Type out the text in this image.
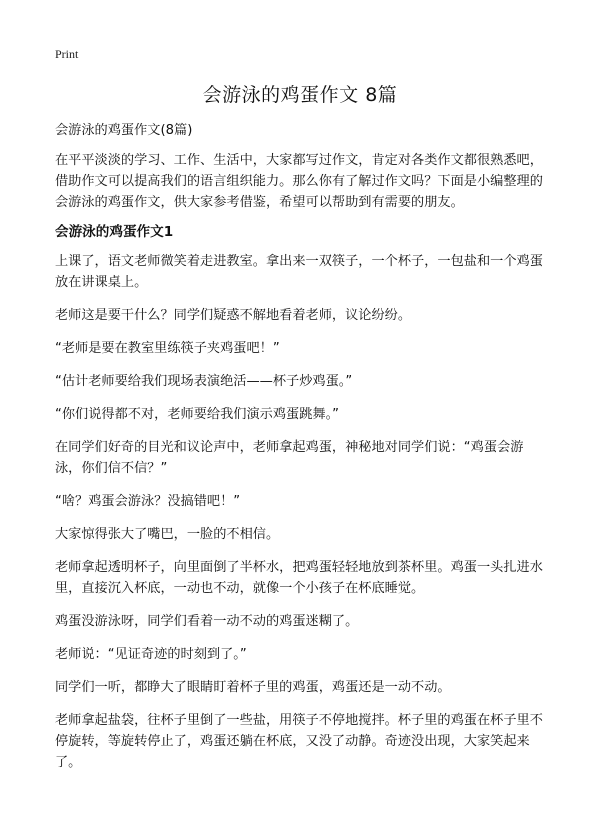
Print
会游泳的鸡蛋作文 8篇

会游泳的鸡蛋作文(8篇)

在平平淡淡的学习、工作、生活中，大家都写过作文，肯定对各类作文都很熟悉吧，借助作文可以提高我们的语言组织能力。那么你有了解过作文吗？下面是小编整理的会游泳的鸡蛋作文，供大家参考借鉴，希望可以帮助到有需要的朋友。

会游泳的鸡蛋作文1

上课了，语文老师微笑着走进教室。拿出来一双筷子，一个杯子，一包盐和一个鸡蛋放在讲课桌上。

老师这是要干什么？同学们疑惑不解地看着老师，议论纷纷。

“老师是要在教室里练筷子夹鸡蛋吧！”

“估计老师要给我们现场表演绝活——杯子炒鸡蛋。”

“你们说得都不对，老师要给我们演示鸡蛋跳舞。”

在同学们好奇的目光和议论声中，老师拿起鸡蛋，神秘地对同学们说：“鸡蛋会游泳，你们信不信？”

“啥？鸡蛋会游泳？没搞错吧！”

大家惊得张大了嘴巴，一脸的不相信。

老师拿起透明杯子，向里面倒了半杯水，把鸡蛋轻轻地放到茶杯里。鸡蛋一头扎进水里，直接沉入杯底，一动也不动，就像一个小孩子在杯底睡觉。

鸡蛋没游泳呀，同学们看着一动不动的鸡蛋迷糊了。

老师说：“见证奇迹的时刻到了。”

同学们一听，都睁大了眼睛盯着杯子里的鸡蛋，鸡蛋还是一动不动。

老师拿起盐袋，往杯子里倒了一些盐，用筷子不停地搅拌。杯子里的鸡蛋在杯子里不停旋转，等旋转停止了，鸡蛋还躺在杯底，又没了动静。奇迹没出现，大家笑起来了。
